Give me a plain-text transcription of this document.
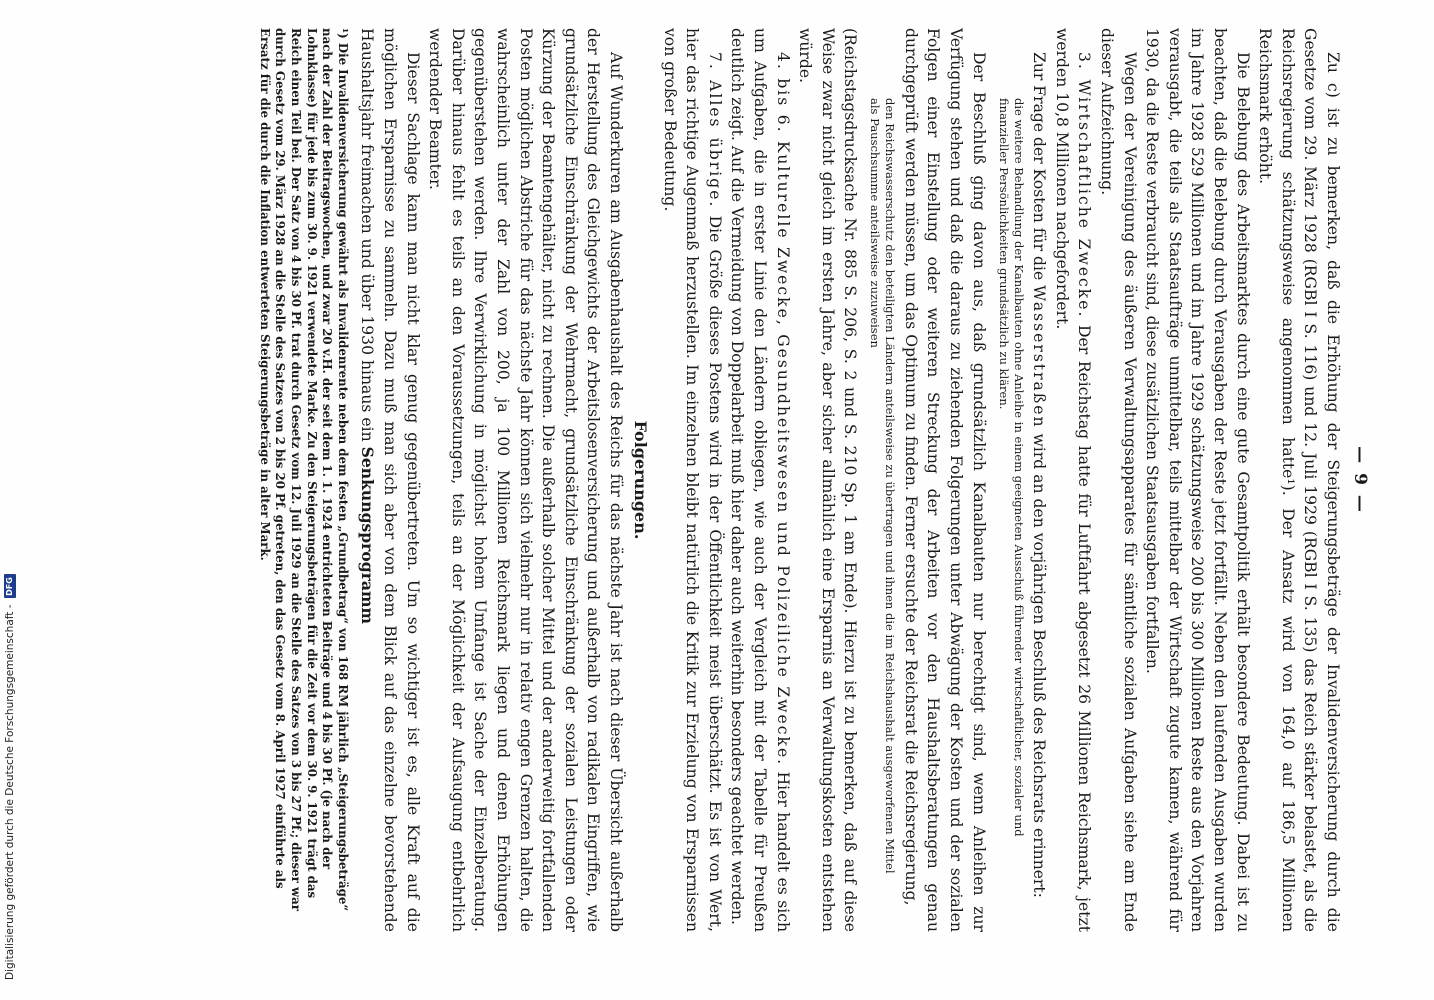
— 9 —

Zu c) ist zu bemerken, daß die Erhöhung der Steigerungsbeträge der Invalidenversicherung durch die Gesetze vom 29. März 1928 (RGBl I S. 116) und 12. Juli 1929 (RGBl I S. 135) das Reich stärker belastet, als die Reichsregierung schätzungsweise angenommen hatte¹). Der Ansatz wird von 164,0 auf 186,5 Millionen Reichsmark erhöht.

Die Belebung des Arbeitsmarktes durch eine gute Gesamtpolitik erhält besondere Bedeutung. Dabei ist zu beachten, daß die Belebung durch Verausgaben der Reste jetzt fortfällt. Neben den laufenden Ausgaben wurden im Jahre 1928 529 Millionen und im Jahre 1929 schätzungsweise 200 bis 300 Millionen Reste aus den Vorjahren verausgabt, die teils als Staatsaufträge unmittelbar, teils mittelbar der Wirtschaft zugute kamen, während für 1930, da die Reste verbraucht sind, diese zusätzlichen Staatsausgaben fortfallen.

Wegen der Vereinigung des äußeren Verwaltungsapparates für sämtliche sozialen Aufgaben siehe am Ende dieser Aufzeichnung.

3. Wirtschaftliche Zwecke. Der Reichstag hatte für Luftfahrt abgesetzt 26 Millionen Reichsmark, jetzt werden 10,8 Millionen nachgefordert.

Zur Frage der Kosten für die Wasserstraßen wird an den vorjährigen Beschluß des Reichsrats erinnert:

die weitere Behandlung der Kanalbauten ohne Anleihe in einem geeigneten Ausschuß führender wirtschaftlicher, sozialer und finanzieller Persönlichkeiten grundsätzlich zu klären.

Der Beschluß ging davon aus, daß grundsätzlich Kanalbauten nur berechtigt sind, wenn Anleihen zur Verfügung stehen und daß die daraus zu ziehenden Folgerungen unter Abwägung der Kosten und der sozialen Folgen einer Einstellung oder weiteren Streckung der Arbeiten vor den Haushaltsberatungen genau durchgeprüft werden müssen, um das Optimum zu finden. Ferner ersuchte der Reichsrat die Reichsregierung,

den Reichswasserschutz den beteiligten Ländern anteilsweise zu übertragen und ihnen die im Reichshaushalt ausgeworfenen Mittel als Pauschsumme anteilsweise zuzuweisen

(Reichstagsdrucksache Nr. 885 S. 206, S. 2 und S. 210 Sp. 1 am Ende). Hierzu ist zu bemerken, daß auf diese Weise zwar nicht gleich im ersten Jahre, aber sicher allmählich eine Ersparnis an Verwaltungskosten entstehen würde.

4. bis 6. Kulturelle Zwecke, Gesundheitswesen und Polizeiliche Zwecke. Hier handelt es sich um Aufgaben, die in erster Linie den Ländern obliegen, wie auch der Vergleich mit der Tabelle für Preußen deutlich zeigt. Auf die Vermeidung von Doppelarbeit muß hier daher auch weiterhin besonders geachtet werden.

7. Alles übrige. Die Größe dieses Postens wird in der Öffentlichkeit meist überschätzt. Es ist von Wert, hier das richtige Augenmaß herzustellen. Im einzelnen bleibt natürlich die Kritik zur Erzielung von Ersparnissen von großer Bedeutung.

Folgerungen.

Auf Wunderkuren am Ausgabenhaushalt des Reichs für das nächste Jahr ist nach dieser Übersicht außerhalb der Herstellung des Gleichgewichts der Arbeitslosenversicherung und außerhalb von radikalen Eingriffen, wie grundsätzliche Einschränkung der Wehrmacht, grundsätzliche Einschränkung der sozialen Leistungen oder Kürzung der Beamtengehälter, nicht zu rechnen. Die außerhalb solcher Mittel und der anderweitig fortfallenden Posten möglichen Abstriche für das nächste Jahr können sich vielmehr nur in relativ engen Grenzen halten, die wahrscheinlich unter der Zahl von 200, ja 100 Millionen Reichsmark liegen und denen Erhöhungen gegenüberstehen werden. Ihre Verwirklichung in möglichst hohem Umfange ist Sache der Einzelberatung. Darüber hinaus fehlt es teils an den Voraussetzungen, teils an der Möglichkeit der Aufsaugung entbehrlich werdender Beamter.

Dieser Sachlage kann man nicht klar genug gegenübertreten. Um so wichtiger ist es, alle Kraft auf die möglichen Ersparnisse zu sammeln. Dazu muß man sich aber von dem Blick auf das einzelne bevorstehende Haushaltsjahr freimachen und über 1930 hinaus ein Senkungsprogramm

¹) Die Invalidenversicherung gewährt als Invalidenrente neben dem festen „Grundbetrag“ von 168 RM jährlich „Steigerungsbeträge“ nach der Zahl der Beitragswochen, und zwar 20 v.H. der seit dem 1. 1. 1924 entrichteten Beiträge und 4 bis 30 Pf. (je nach der Lohnklasse) für jede bis zum 30. 9. 1921 verwendete Marke. Zu den Steigerungsbeträgen für die Zeit vor dem 30. 9. 1921 trägt das Reich einen Teil bei. Der Satz von 4 bis 30 Pf. trat durch Gesetz vom 12. Juli 1929 an die Stelle des Satzes von 3 bis 27 Pf.; dieser war durch Gesetz vom 29. März 1928 an die Stelle des Satzes von 2 bis 20 Pf. getreten, den das Gesetz vom 8. April 1927 einführte als Ersatz für die durch die Inflation entwerteten Steigerungsbeträge in alter Mark.
Digitalisierung gefördert durch die Deutsche Forschungsgemeinschaft -
DFG
